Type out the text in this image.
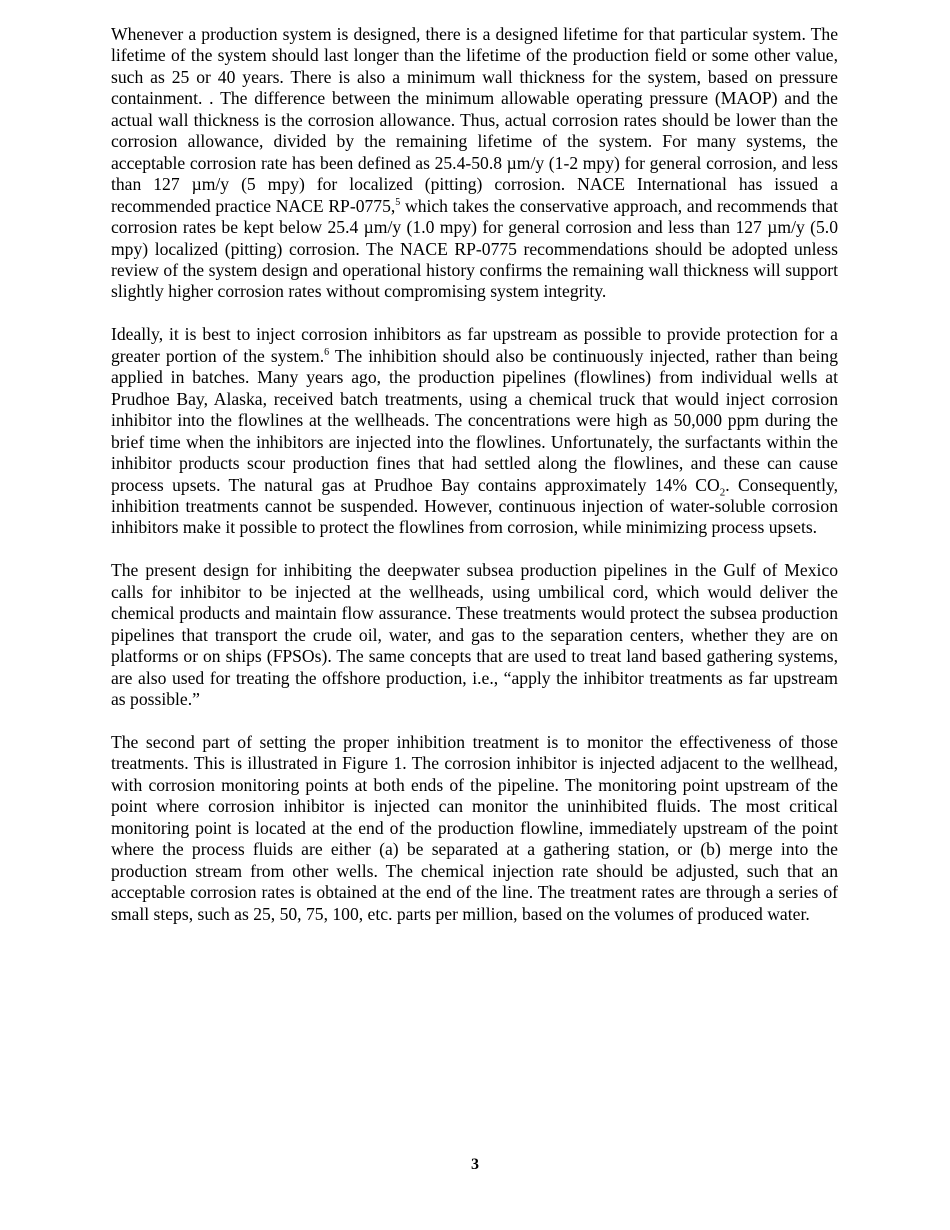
Whenever a production system is designed, there is a designed lifetime for that particular system. The lifetime of the system should last longer than the lifetime of the production field or some other value, such as 25 or 40 years. There is also a minimum wall thickness for the system, based on pressure containment. . The difference between the minimum allowable operating pressure (MAOP) and the actual wall thickness is the corrosion allowance. Thus, actual corrosion rates should be lower than the corrosion allowance, divided by the remaining lifetime of the system. For many systems, the acceptable corrosion rate has been defined as 25.4-50.8 µm/y (1-2 mpy) for general corrosion, and less than 127 µm/y (5 mpy) for localized (pitting) corrosion. NACE International has issued a recommended practice NACE RP-0775,$^5$ which takes the conservative approach, and recommends that corrosion rates be kept below 25.4 µm/y (1.0 mpy) for general corrosion and less than 127 µm/y (5.0 mpy) localized (pitting) corrosion. The NACE RP-0775 recommendations should be adopted unless review of the system design and operational history confirms the remaining wall thickness will support slightly higher corrosion rates without compromising system integrity.

Ideally, it is best to inject corrosion inhibitors as far upstream as possible to provide protection for a greater portion of the system.$^6$ The inhibition should also be continuously injected, rather than being applied in batches. Many years ago, the production pipelines (flowlines) from individual wells at Prudhoe Bay, Alaska, received batch treatments, using a chemical truck that would inject corrosion inhibitor into the flowlines at the wellheads. The concentrations were high as 50,000 ppm during the brief time when the inhibitors are injected into the flowlines. Unfortunately, the surfactants within the inhibitor products scour production fines that had settled along the flowlines, and these can cause process upsets. The natural gas at Prudhoe Bay contains approximately 14% $CO_2$. Consequently, inhibition treatments cannot be suspended. However, continuous injection of water-soluble corrosion inhibitors make it possible to protect the flowlines from corrosion, while minimizing process upsets.

The present design for inhibiting the deepwater subsea production pipelines in the Gulf of Mexico calls for inhibitor to be injected at the wellheads, using umbilical cord, which would deliver the chemical products and maintain flow assurance. These treatments would protect the subsea production pipelines that transport the crude oil, water, and gas to the separation centers, whether they are on platforms or on ships (FPSOs). The same concepts that are used to treat land based gathering systems, are also used for treating the offshore production, i.e., “apply the inhibitor treatments as far upstream as possible.”

The second part of setting the proper inhibition treatment is to monitor the effectiveness of those treatments. This is illustrated in Figure 1. The corrosion inhibitor is injected adjacent to the wellhead, with corrosion monitoring points at both ends of the pipeline. The monitoring point upstream of the point where corrosion inhibitor is injected can monitor the uninhibited fluids. The most critical monitoring point is located at the end of the production flowline, immediately upstream of the point where the process fluids are either (a) be separated at a gathering station, or (b) merge into the production stream from other wells. The chemical injection rate should be adjusted, such that an acceptable corrosion rates is obtained at the end of the line. The treatment rates are through a series of small steps, such as 25, 50, 75, 100, etc. parts per million, based on the volumes of produced water.

3
